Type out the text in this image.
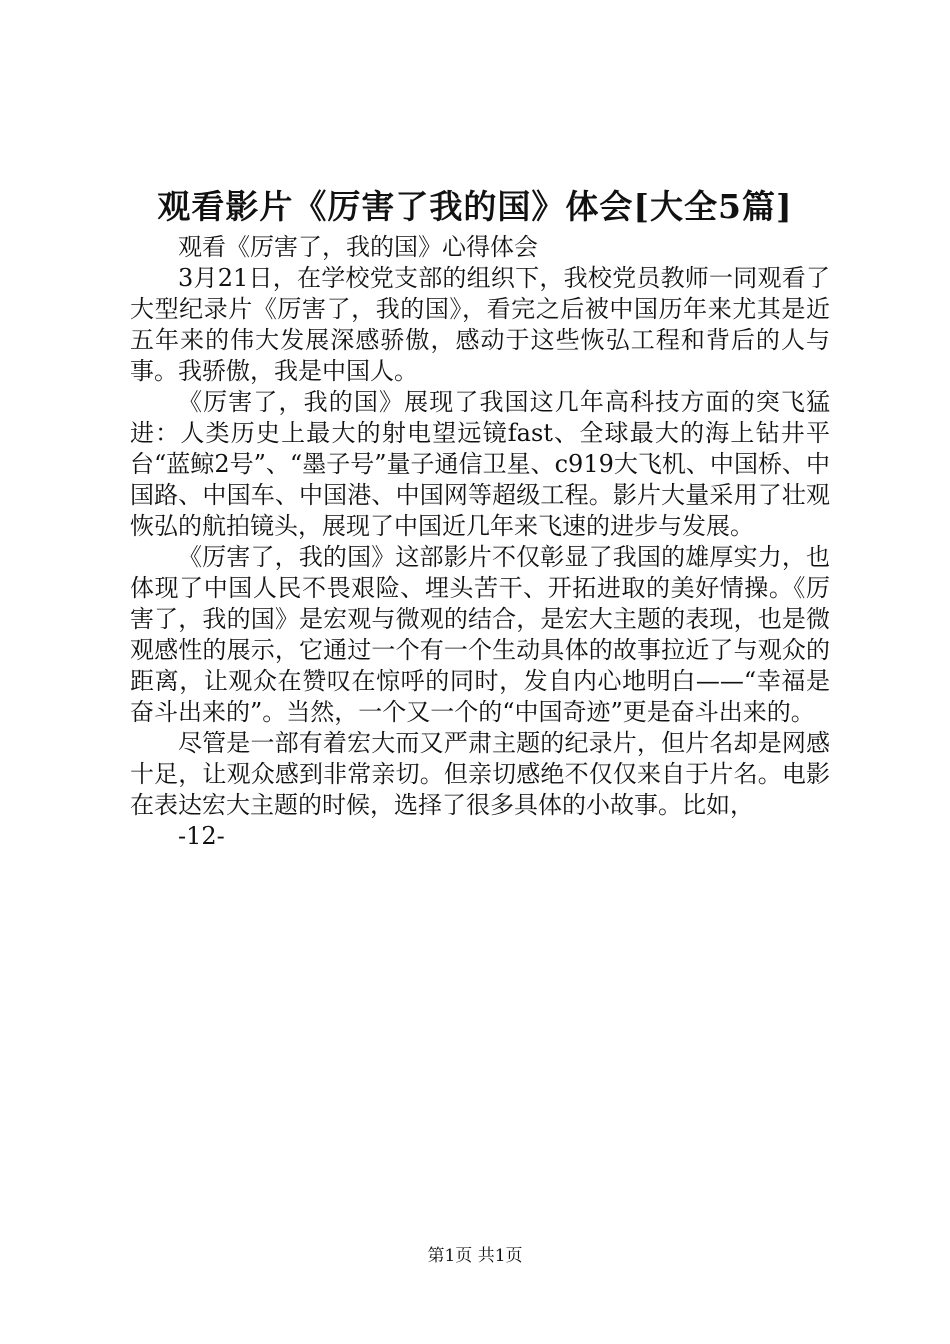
观看影片《厉害了我的国》体会[大全5篇]

观看《厉害了，我的国》心得体会

3月21日，在学校党支部的组织下，我校党员教师一同观看了大型纪录片《厉害了，我的国》，看完之后被中国历年来尤其是近五年来的伟大发展深感骄傲，感动于这些恢弘工程和背后的人与事。我骄傲，我是中国人。

《厉害了，我的国》展现了我国这几年高科技方面的突飞猛进：人类历史上最大的射电望远镜fast、全球最大的海上钻井平台“蓝鲸2号”、“墨子号”量子通信卫星、c919大飞机、中国桥、中国路、中国车、中国港、中国网等超级工程。影片大量采用了壮观恢弘的航拍镜头，展现了中国近几年来飞速的进步与发展。

《厉害了，我的国》这部影片不仅彰显了我国的雄厚实力，也体现了中国人民不畏艰险、埋头苦干、开拓进取的美好情操。《厉害了，我的国》是宏观与微观的结合，是宏大主题的表现，也是微观感性的展示，它通过一个有一个生动具体的故事拉近了与观众的距离，让观众在赞叹在惊呼的同时，发自内心地明白——“幸福是奋斗出来的”。当然，一个又一个的“中国奇迹”更是奋斗出来的。

尽管是一部有着宏大而又严肃主题的纪录片，但片名却是网感十足，让观众感到非常亲切。但亲切感绝不仅仅来自于片名。电影在表达宏大主题的时候，选择了很多具体的小故事。比如，

-12-

第1页 共1页
